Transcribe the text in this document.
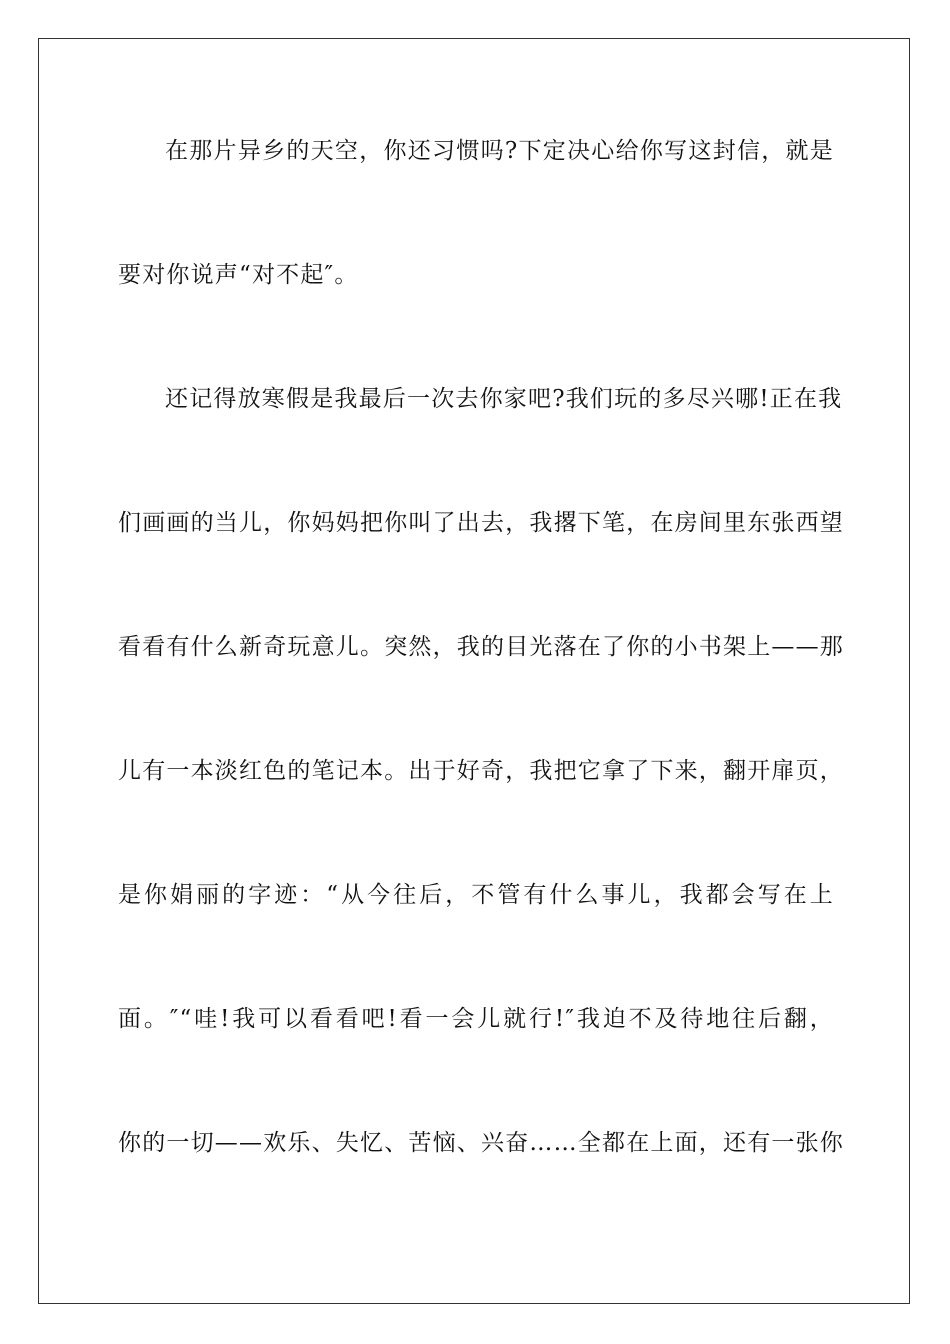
在那片异乡的天空，你还习惯吗?下定决心给你写这封信，就是
要对你说声“对不起″。
还记得放寒假是我最后一次去你家吧?我们玩的多尽兴哪!正在我
们画画的当儿，你妈妈把你叫了出去，我撂下笔，在房间里东张西望
看看有什么新奇玩意儿。突然，我的目光落在了你的小书架上——那
儿有一本淡红色的笔记本。出于好奇，我把它拿了下来，翻开扉页，
是你娟丽的字迹：“从今往后，不管有什么事儿，我都会写在上
面。″“哇!我可以看看吧!看一会儿就行!″我迫不及待地往后翻，
你的一切——欢乐、失忆、苦恼、兴奋……全都在上面，还有一张你
